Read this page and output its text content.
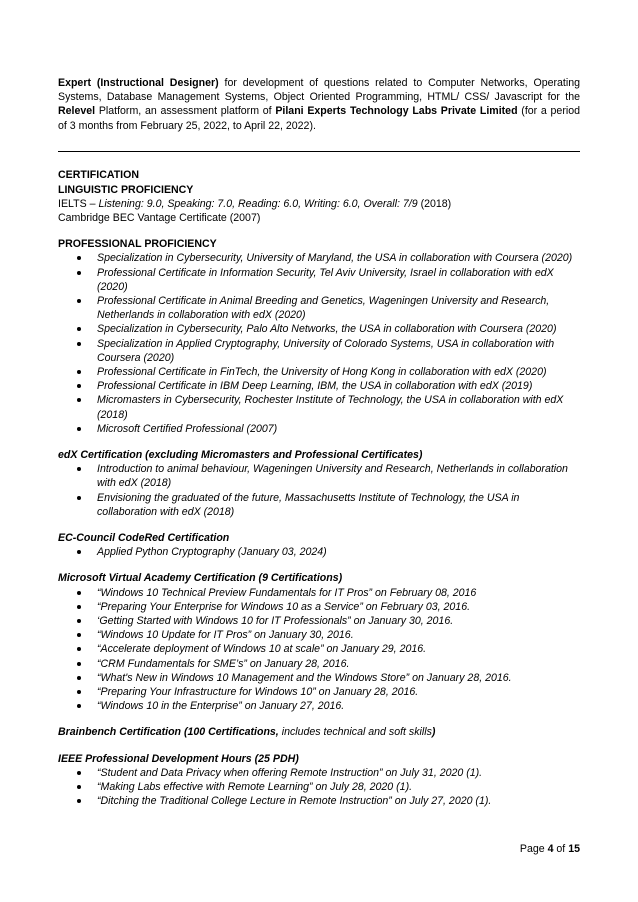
Expert (Instructional Designer) for development of questions related to Computer Networks, Operating Systems, Database Management Systems, Object Oriented Programming, HTML/ CSS/ Javascript for the Relevel Platform, an assessment platform of Pilani Experts Technology Labs Private Limited (for a period of 3 months from February 25, 2022, to April 22, 2022).

CERTIFICATION

LINGUISTIC PROFICIENCY

IELTS – Listening: 9.0, Speaking: 7.0, Reading: 6.0, Writing: 6.0, Overall: 7/9 (2018)

Cambridge BEC Vantage Certificate (2007)

PROFESSIONAL PROFICIENCY

Specialization in Cybersecurity, University of Maryland, the USA in collaboration with Coursera (2020)
Professional Certificate in Information Security, Tel Aviv University, Israel in collaboration with edX (2020)
Professional Certificate in Animal Breeding and Genetics, Wageningen University and Research, Netherlands in collaboration with edX (2020)
Specialization in Cybersecurity, Palo Alto Networks, the USA in collaboration with Coursera (2020)
Specialization in Applied Cryptography, University of Colorado Systems, USA in collaboration with Coursera (2020)
Professional Certificate in FinTech, the University of Hong Kong in collaboration with edX (2020)
Professional Certificate in IBM Deep Learning, IBM, the USA in collaboration with edX (2019)
Micromasters in Cybersecurity, Rochester Institute of Technology, the USA in collaboration with edX (2018)
Microsoft Certified Professional (2007)

edX Certification (excluding Micromasters and Professional Certificates)

Introduction to animal behaviour, Wageningen University and Research, Netherlands in collaboration with edX (2018)
Envisioning the graduated of the future, Massachusetts Institute of Technology, the USA in collaboration with edX (2018)

EC-Council CodeRed Certification

Applied Python Cryptography (January 03, 2024)

Microsoft Virtual Academy Certification (9 Certifications)

“Windows 10 Technical Preview Fundamentals for IT Pros” on February 08, 2016
“Preparing Your Enterprise for Windows 10 as a Service” on February 03, 2016.
‘Getting Started with Windows 10 for IT Professionals” on January 30, 2016.
“Windows 10 Update for IT Pros” on January 30, 2016.
“Accelerate deployment of Windows 10 at scale” on January 29, 2016.
“CRM Fundamentals for SME’s” on January 28, 2016.
“What's New in Windows 10 Management and the Windows Store” on January 28, 2016.
“Preparing Your Infrastructure for Windows 10” on January 28, 2016.
“Windows 10 in the Enterprise” on January 27, 2016.

Brainbench Certification (100 Certifications, includes technical and soft skills)

IEEE Professional Development Hours (25 PDH)

“Student and Data Privacy when offering Remote Instruction” on July 31, 2020 (1).
“Making Labs effective with Remote Learning” on July 28, 2020 (1).
“Ditching the Traditional College Lecture in Remote Instruction” on July 27, 2020 (1).
Page 4 of 15
